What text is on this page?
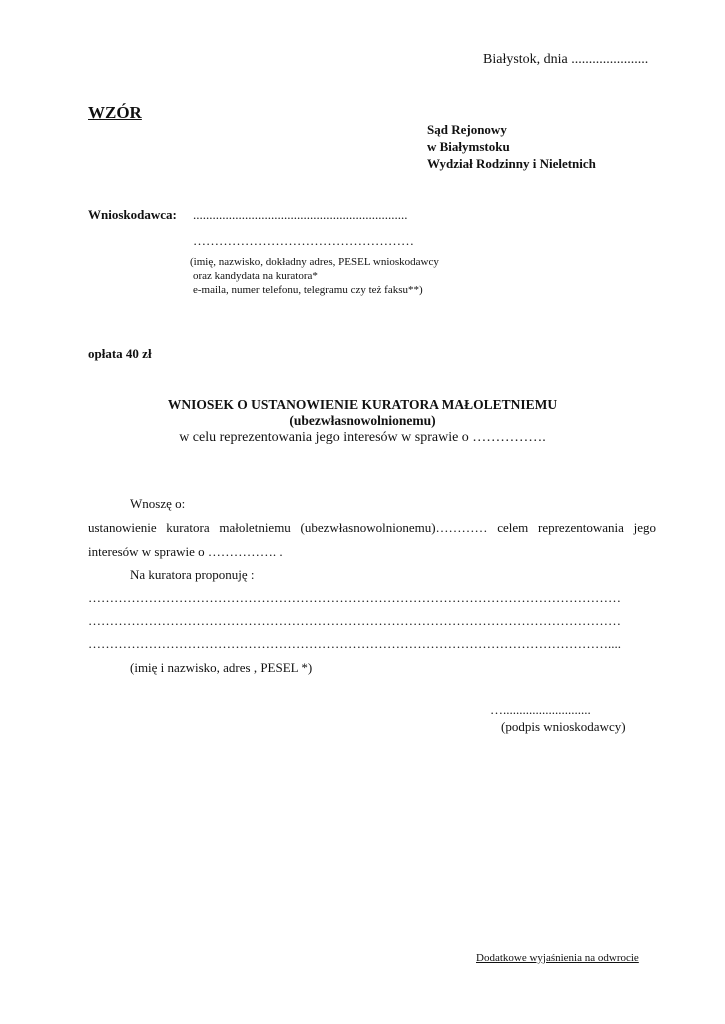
Białystok, dnia ......................
WZÓR
Sąd Rejonowy
w Białymstoku
Wydział Rodzinny i Nieletnich
Wnioskodawca: ..................................................................
……………………………………………
(imię, nazwisko, dokładny adres, PESEL wnioskodawcy
oraz kandydata na kuratora*
e-maila, numer telefonu, telegramu czy też faksu**)
opłata 40 zł
WNIOSEK O USTANOWIENIE KURATORA MAŁOLETNIEMU
(ubezwłasnowolnionemu)
w celu reprezentowania jego interesów w sprawie o …………….
Wnoszę o:
ustanowienie kuratora małoletniemu (ubezwłasnowolnionemu)………… celem reprezentowania jego
interesów w sprawie o ……………. .
Na kuratora proponuję :
……………………………………………………………………………………………………………
……………………………………………………………………………………………………………
…………………………………………………………………………………………………………....
(imię i nazwisko, adres , PESEL *)
…...........................
(podpis wnioskodawcy)
Dodatkowe wyjaśnienia na odwrocie
